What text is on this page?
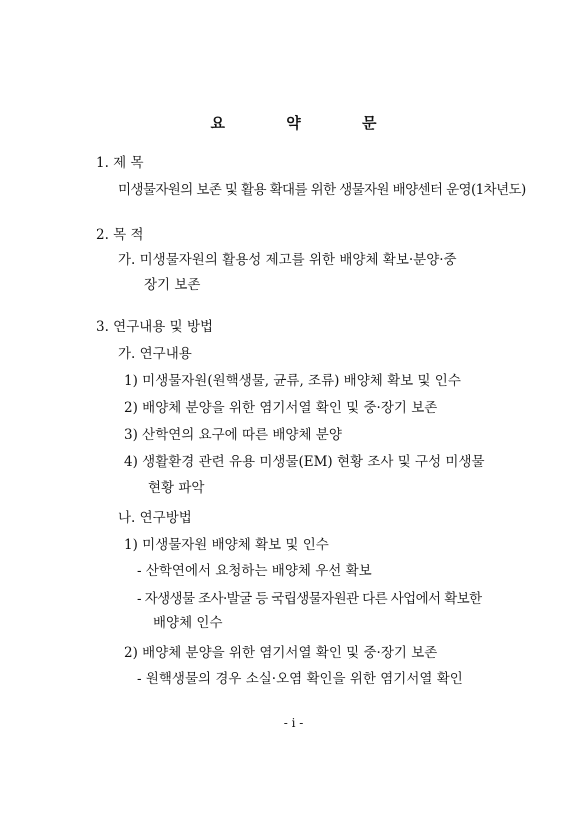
요 약 문
1. 제 목
미생물자원의 보존 및 활용 확대를 위한 생물자원 배양센터 운영(1차년도)
2. 목 적
가. 미생물자원의 활용성 제고를 위한 배양체 확보·분양·중
장기 보존
3. 연구내용 및 방법
가. 연구내용
1) 미생물자원(원핵생물, 균류, 조류) 배양체 확보 및 인수
2) 배양체 분양을 위한 염기서열 확인 및 중·장기 보존
3) 산학연의 요구에 따른 배양체 분양
4) 생활환경 관련 유용 미생물(EM) 현황 조사 및 구성 미생물
현황 파악
나. 연구방법
1) 미생물자원 배양체 확보 및 인수
- 산학연에서 요청하는 배양체 우선 확보
- 자생생물 조사·발굴 등 국립생물자원관 다른 사업에서 확보한
배양체 인수
2) 배양체 분양을 위한 염기서열 확인 및 중·장기 보존
- 원핵생물의 경우 소실·오염 확인을 위한 염기서열 확인
- i -
